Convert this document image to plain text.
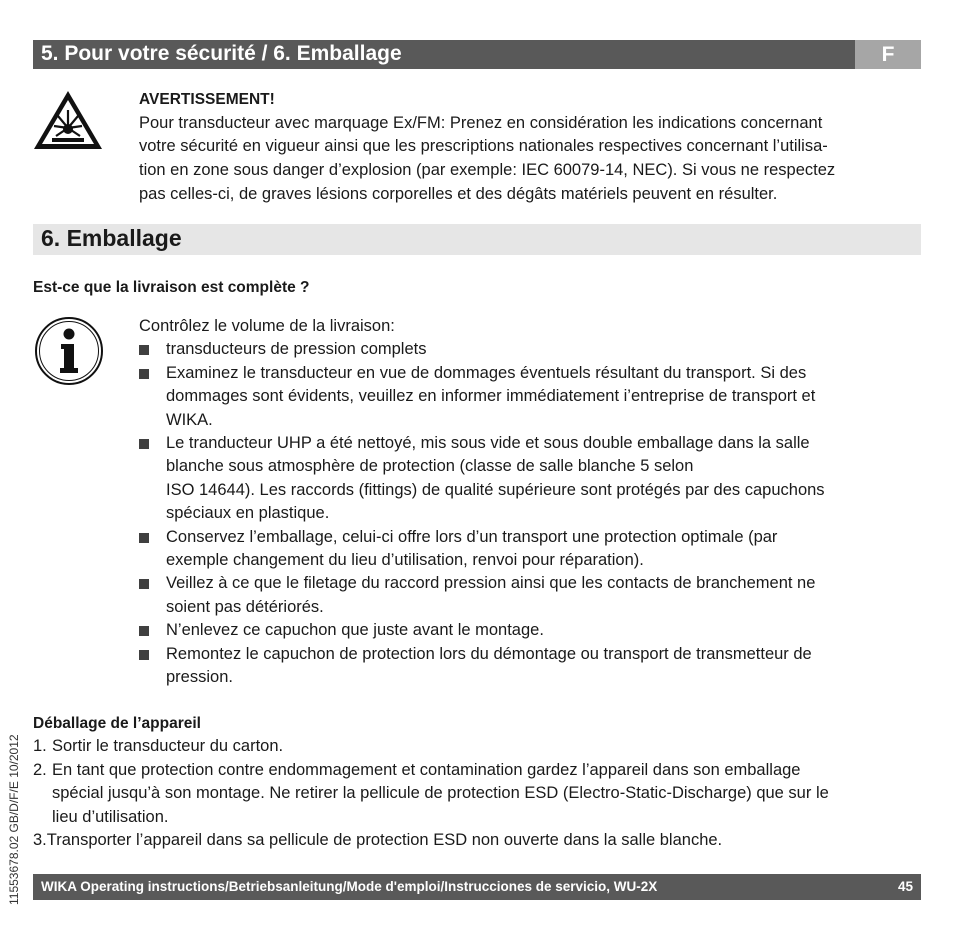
5. Pour votre sécurité / 6. Emballage	F
AVERTISSEMENT!
Pour transducteur avec marquage Ex/FM: Prenez en considération les indications concernant
votre sécurité en vigueur ainsi que les prescriptions nationales respectives concernant l’utilisa-
tion en zone sous danger d’explosion (par exemple: IEC 60079-14, NEC). Si vous ne respectez
pas celles-ci, de graves lésions corporelles et des dégâts matériels peuvent en résulter.
6. Emballage
Est-ce que la livraison est complète ?
Contrôlez le volume de la livraison:
transducteurs de pression complets
Examinez le transducteur en vue de dommages éventuels résultant du transport. Si des
dommages sont évidents, veuillez en informer immédiatement i’entreprise de transport et
WIKA.
Le tranducteur UHP a été nettoyé, mis sous vide et sous double emballage dans la salle
blanche sous atmosphère de protection (classe de salle blanche 5 selon
ISO 14644). Les raccords (fittings) de qualité supérieure sont protégés par des capuchons
spéciaux en plastique.
Conservez l’emballage, celui-ci offre lors d’un transport une protection optimale (par
exemple changement du lieu d’utilisation, renvoi pour réparation).
Veillez à ce que le filetage du raccord pression ainsi que les contacts de branchement ne
soient pas détériorés.
N’enlevez ce capuchon que juste avant le montage.
Remontez le capuchon de protection lors du démontage ou transport de transmetteur de
pression.
Déballage de l’appareil
1. Sortir le transducteur du carton.
2. En tant que protection contre endommagement et contamination gardez l’appareil dans son emballage
spécial jusqu’à son montage. Ne retirer la pellicule de protection ESD (Electro-Static-Discharge) que sur le
lieu d’utilisation.
3.Transporter l’appareil dans sa pellicule de protection ESD non ouverte dans la salle blanche.
11553678.02 GB/D/F/E 10/2012 WIKA Operating instructions/Betriebsanleitung/Mode d'emploi/Instrucciones de servicio, WU-2X	45
